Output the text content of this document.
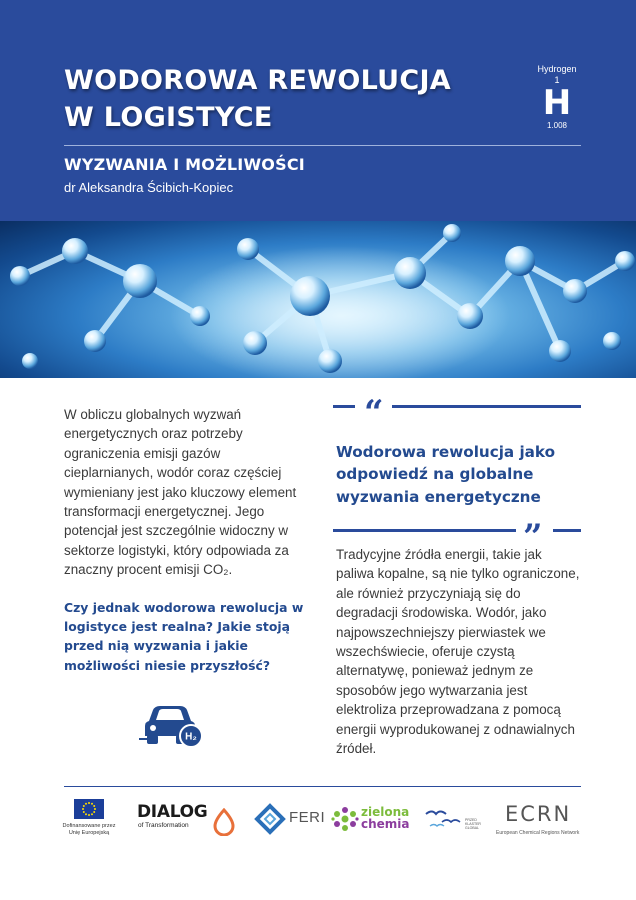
WODOROWA REWOLUCJA
W LOGISTYCE
Hydrogen
1
H
1.008
WYZWANIA I MOŻLIWOŚCI
dr Aleksandra Ścibich-Kopiec

W obliczu globalnych wyzwań energetycznych oraz potrzeby ograniczenia emisji gazów cieplarnianych, wodór coraz częściej wymieniany jest jako kluczowy element transformacji energetycznej. Jego potencjał jest szczególnie widoczny w sektorze logistyki, który odpowiada za znaczny procent emisji CO₂.

Czy jednak wodorowa rewolucja w logistyce jest realna? Jakie stoją przed nią wyzwania i jakie możliwości niesie przyszłość?

H₂
“
Wodorowa rewolucja jako odpowiedź na globalne wyzwania energetyczne
”

Tradycyjne źródła energii, takie jak paliwa kopalne, są nie tylko ograniczone, ale również przyczyniają się do degradacji środowiska. Wodór, jako najpowszechniejszy pierwiastek we wszechświecie, oferuje czystą alternatywę, ponieważ jednym ze sposobów jego wytwarzania jest elektroliza przeprowadzana z pomocą energii wyprodukowanej z odnawialnych źródeł.

Dofinansowane przez Unię Europejską
DIALOG
of Transformation	FERI	zielona
chemia	PRZED KLASTER GLOBAL
ECRN
European Chemical Regions Network
